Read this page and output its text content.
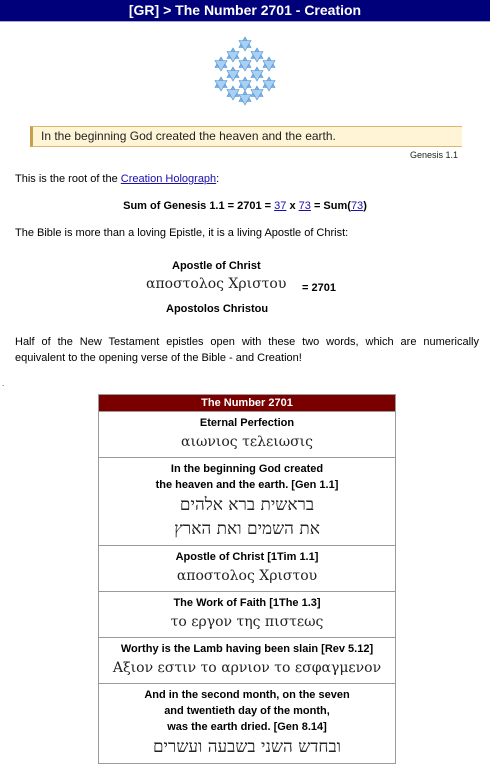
[GR] > The Number 2701 - Creation
In the beginning God created the heaven and the earth.
Genesis 1.1
This is the root of the Creation Holograph:
Sum of Genesis 1.1 = 2701 = 37 x 73 = Sum(73)
The Bible is more than a loving Epistle, it is a living Apostle of Christ:
Apostle of Christ
αποστολος Χριστου = 2701
Apostolos Christou
Half of the New Testament epistles open with these two words, which are numerically equivalent to the opening verse of the Bible - and Creation!
.
The Number 2701
Eternal Perfection
αιωνιος τελειωσις

In the beginning God created
the heaven and the earth. [Gen 1.1]
בראשית ברא אלהים
את השמים ואת הארץ

Apostle of Christ [1Tim 1.1]
αποστολος Χριστου

The Work of Faith [1The 1.3]
το εργον της πιστεως

Worthy is the Lamb having been slain [Rev 5.12]
Αξιον εστιν το αρνιον το εσφαγμενον

And in the second month, on the seven
and twentieth day of the month,
was the earth dried. [Gen 8.14]
ובחדש השני בשבעה ועשרים
